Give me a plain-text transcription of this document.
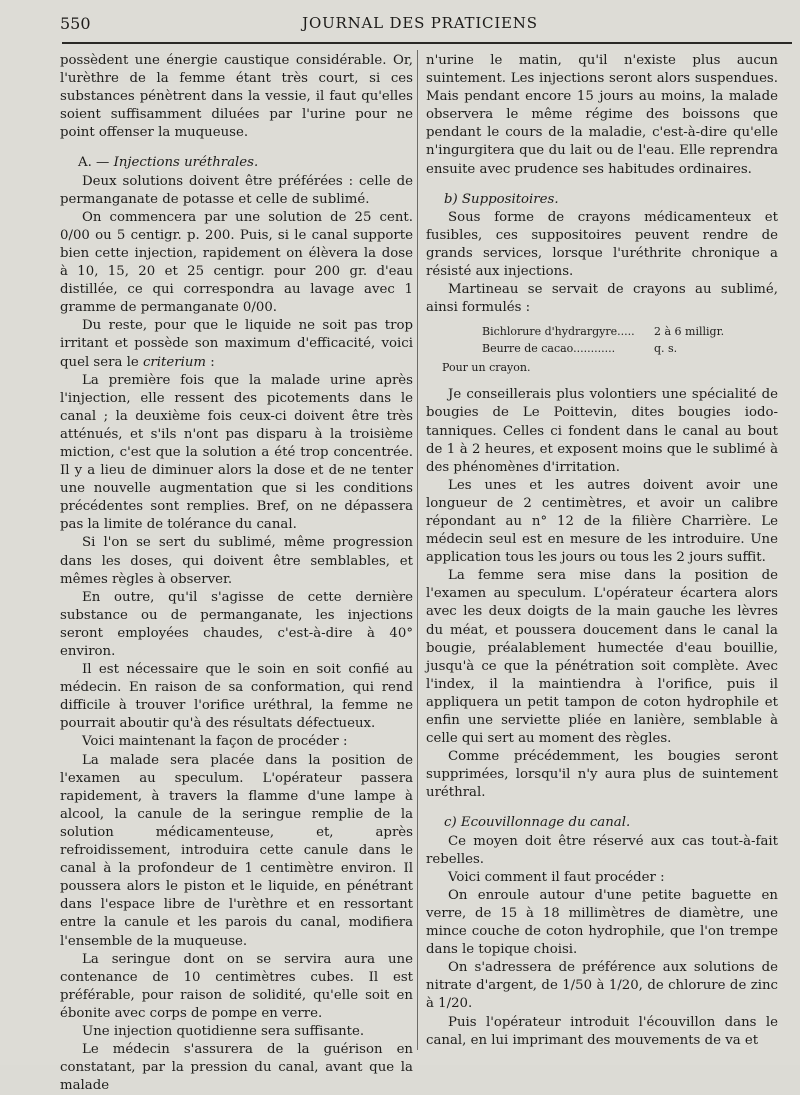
550	JOURNAL DES PRATICIENS

possèdent une énergie caustique considérable. Or, l'urèthre de la femme étant très court, si ces substances pénètrent dans la vessie, il faut qu'elles soient suffisamment diluées par l'urine pour ne point offenser la muqueuse.

A. — Injections uréthrales.

Deux solutions doivent être préférées : celle de permanganate de potasse et celle de sublimé.

On commencera par une solution de 25 cent. 0/00 ou 5 centigr. p. 200. Puis, si le canal supporte bien cette injection, rapidement on élèvera la dose à 10, 15, 20 et 25 centigr. pour 200 gr. d'eau distillée, ce qui correspondra au lavage avec 1 gramme de permanganate 0/00.

Du reste, pour que le liquide ne soit pas trop irritant et possède son maximum d'efficacité, voici quel sera le criterium :

La première fois que la malade urine après l'injection, elle ressent des picotements dans le canal ; la deuxième fois ceux-ci doivent être très atténués, et s'ils n'ont pas disparu à la troisième miction, c'est que la solution a été trop concentrée. Il y a lieu de diminuer alors la dose et de ne tenter une nouvelle augmentation que si les conditions précédentes sont remplies. Bref, on ne dépassera pas la limite de tolérance du canal.

Si l'on se sert du sublimé, même progression dans les doses, qui doivent être semblables, et mêmes règles à observer.

En outre, qu'il s'agisse de cette dernière substance ou de permanganate, les injections seront employées chaudes, c'est-à-dire à 40° environ.

Il est nécessaire que le soin en soit confié au médecin. En raison de sa conformation, qui rend difficile à trouver l'orifice uréthral, la femme ne pourrait aboutir qu'à des résultats défectueux.

Voici maintenant la façon de procéder :

La malade sera placée dans la position de l'examen au speculum. L'opérateur passera rapidement, à travers la flamme d'une lampe à alcool, la canule de la seringue remplie de la solution médicamenteuse, et, après refroidissement, introduira cette canule dans le canal à la profondeur de 1 centimètre environ. Il poussera alors le piston et le liquide, en pénétrant dans l'espace libre de l'urèthre et en ressortant entre la canule et les parois du canal, modifiera l'ensemble de la muqueuse.

La seringue dont on se servira aura une contenance de 10 centimètres cubes. Il est préférable, pour raison de solidité, qu'elle soit en ébonite avec corps de pompe en verre.

Une injection quotidienne sera suffisante.

Le médecin s'assurera de la guérison en constatant, par la pression du canal, avant que la malade

n'urine le matin, qu'il n'existe plus aucun suintement. Les injections seront alors suspendues. Mais pendant encore 15 jours au moins, la malade observera le même régime des boissons que pendant le cours de la maladie, c'est-à-dire qu'elle n'ingurgitera que du lait ou de l'eau. Elle reprendra ensuite avec prudence ses habitudes ordinaires.

b) Suppositoires.

Sous forme de crayons médicamenteux et fusibles, ces suppositoires peuvent rendre de grands services, lorsque l'uréthrite chronique a résisté aux injections.

Martineau se servait de crayons au sublimé, ainsi formulés :

Bichlorure d'hydrargyre.....	2 à 6 milligr.
Beurre de cacao............	q. s.
Pour un crayon.

Je conseillerais plus volontiers une spécialité de bougies de Le Poittevin, dites bougies iodo-tanniques. Celles ci fondent dans le canal au bout de 1 à 2 heures, et exposent moins que le sublimé à des phénomènes d'irritation.

Les unes et les autres doivent avoir une longueur de 2 centimètres, et avoir un calibre répondant au n° 12 de la filière Charrière. Le médecin seul est en mesure de les introduire. Une application tous les jours ou tous les 2 jours suffit.

La femme sera mise dans la position de l'examen au speculum. L'opérateur écartera alors avec les deux doigts de la main gauche les lèvres du méat, et poussera doucement dans le canal la bougie, préalablement humectée d'eau bouillie, jusqu'à ce que la pénétration soit complète. Avec l'index, il la maintiendra à l'orifice, puis il appliquera un petit tampon de coton hydrophile et enfin une serviette pliée en lanière, semblable à celle qui sert au moment des règles.

Comme précédemment, les bougies seront supprimées, lorsqu'il n'y aura plus de suintement uréthral.

c) Ecouvillonnage du canal.

Ce moyen doit être réservé aux cas tout-à-fait rebelles.

Voici comment il faut procéder :

On enroule autour d'une petite baguette en verre, de 15 à 18 millimètres de diamètre, une mince couche de coton hydrophile, que l'on trempe dans le topique choisi.

On s'adressera de préférence aux solutions de nitrate d'argent, de 1/50 à 1/20, de chlorure de zinc à 1/20.

Puis l'opérateur introduit l'écouvillon dans le canal, en lui imprimant des mouvements de va et
